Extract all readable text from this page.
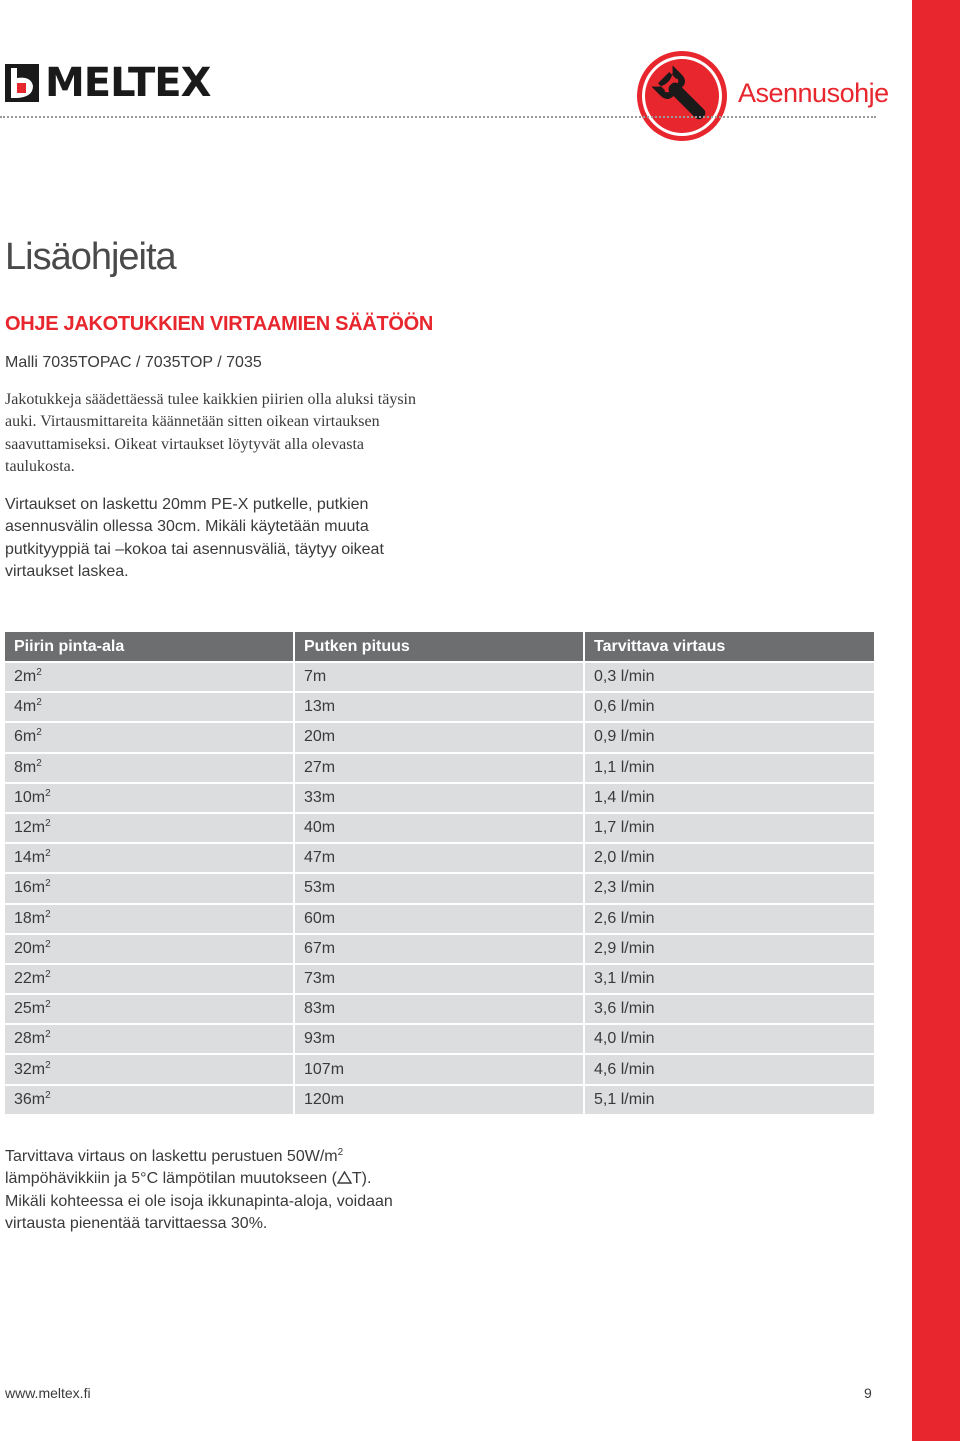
MELTEX	Asennusohje
Lisäohjeita
OHJE JAKOTUKKIEN VIRTAAMIEN SÄÄTÖÖN
Malli 7035TOPAC / 7035TOP / 7035

Jakotukkeja säädettäessä tulee kaikkien piirien olla aluksi täysin auki. Virtausmittareita käännetään sitten oikean virtauksen saavuttamiseksi. Oikeat virtaukset löytyvät alla olevasta taulukosta.

Virtaukset on laskettu 20mm PE-X putkelle, putkien asennusvälin ollessa 30cm. Mikäli käytetään muuta putkityyppiä tai –kokoa tai asennusväliä, täytyy oikeat virtaukset laskea.

Piirin pinta-ala	Putken pituus	Tarvittava virtaus
$2m^2$	7m	0,3 l/min
$4m^2$	13m	0,6 l/min
$6m^2$	20m	0,9 l/min
$8m^2$	27m	1,1 l/min
$10m^2$	33m	1,4 l/min
$12m^2$	40m	1,7 l/min
$14m^2$	47m	2,0 l/min
$16m^2$	53m	2,3 l/min
$18m^2$	60m	2,6 l/min
$20m^2$	67m	2,9 l/min
$22m^2$	73m	3,1 l/min
$25m^2$	83m	3,6 l/min
$28m^2$	93m	4,0 l/min
$32m^2$	107m	4,6 l/min
$36m^2$	120m	5,1 l/min

Tarvittava virtaus on laskettu perustuen $50W/m^2$
lämpöhävikkiin ja 5°C lämpötilan muutokseen ( T).
Mikäli kohteessa ei ole isoja ikkunapinta-aloja, voidaan virtausta pienentää tarvittaessa 30%.

www.meltex.fi	9
